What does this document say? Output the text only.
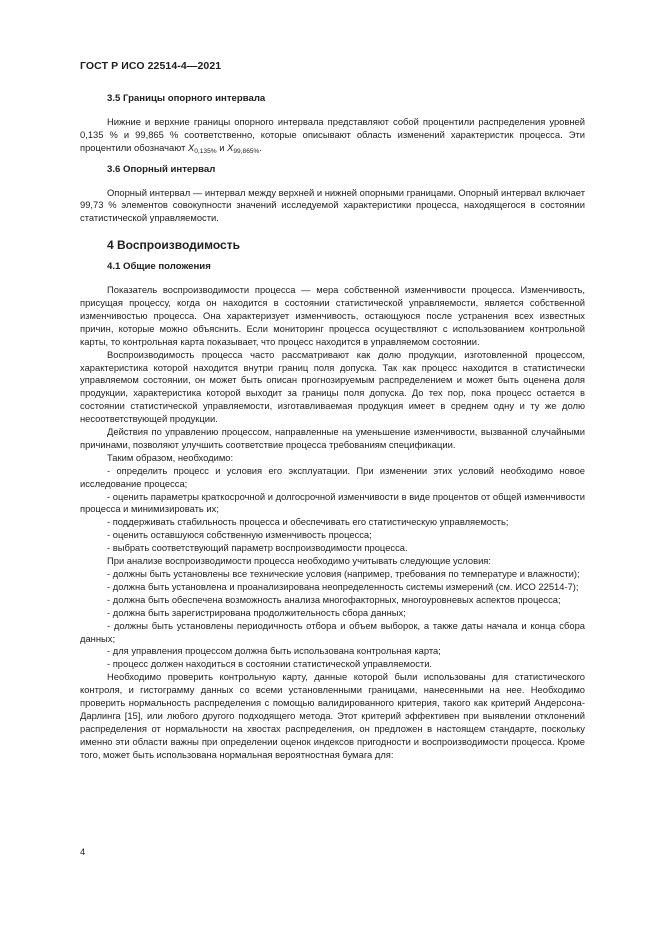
ГОСТ Р ИСО 22514-4—2021
3.5 Границы опорного интервала

Нижние и верхние границы опорного интервала представляют собой процентили распределения уровней 0,135 % и 99,865 % соответственно, которые описывают область изменений характеристик процесса. Эти процентили обозначают $X_{0,135\%}$ и $X_{99,865\%}$.

3.6 Опорный интервал

Опорный интервал — интервал между верхней и нижней опорными границами. Опорный интервал включает 99,73 % элементов совокупности значений исследуемой характеристики процесса, находящегося в состоянии статистической управляемости.

4 Воспроизводимость
4.1 Общие положения

Показатель воспроизводимости процесса — мера собственной изменчивости процесса. Изменчивость, присущая процессу, когда он находится в состоянии статистической управляемости, является собственной изменчивостью процесса. Она характеризует изменчивость, остающуюся после устранения всех известных причин, которые можно объяснить. Если мониторинг процесса осуществляют с использованием контрольной карты, то контрольная карта показывает, что процесс находится в управляемом состоянии.

Воспроизводимость процесса часто рассматривают как долю продукции, изготовленной процессом, характеристика которой находится внутри границ поля допуска. Так как процесс находится в статистически управляемом состоянии, он может быть описан прогнозируемым распределением и может быть оценена доля продукции, характеристика которой выходит за границы поля допуска. До тех пор, пока процесс остается в состоянии статистической управляемости, изготавливаемая продукция имеет в среднем одну и ту же долю несоответствующей продукции.

Действия по управлению процессом, направленные на уменьшение изменчивости, вызванной случайными причинами, позволяют улучшить соответствие процесса требованиям спецификации.

Таким образом, необходимо:

- определить процесс и условия его эксплуатации. При изменении этих условий необходимо новое исследование процесса;

- оценить параметры краткосрочной и долгосрочной изменчивости в виде процентов от общей изменчивости процесса и минимизировать их;

- поддерживать стабильность процесса и обеспечивать его статистическую управляемость;

- оценить оставшуюся собственную изменчивость процесса;

- выбрать соответствующий параметр воспроизводимости процесса.

При анализе воспроизводимости процесса необходимо учитывать следующие условия:

- должны быть установлены все технические условия (например, требования по температуре и влажности);

- должна быть установлена и проанализирована неопределенность системы измерений (см. ИСО 22514-7);

- должна быть обеспечена возможность анализа многофакторных, многоуровневых аспектов процесса;

- должна быть зарегистрирована продолжительность сбора данных;

- должны быть установлены периодичность отбора и объем выборок, а также даты начала и конца сбора данных;

- для управления процессом должна быть использована контрольная карта;

- процесс должен находиться в состоянии статистической управляемости.

Необходимо проверить контрольную карту, данные которой были использованы для статистического контроля, и гистограмму данных со всеми установленными границами, нанесенными на нее. Необходимо проверить нормальность распределения с помощью валидированного критерия, такого как критерий Андерсона-Дарлинга [15], или любого другого подходящего метода. Этот критерий эффективен при выявлении отклонений распределения от нормальности на хвостах распределения, он предложен в настоящем стандарте, поскольку именно эти области важны при определении оценок индексов пригодности и воспроизводимости процесса. Кроме того, может быть использована нормальная вероятностная бумага для:

4
